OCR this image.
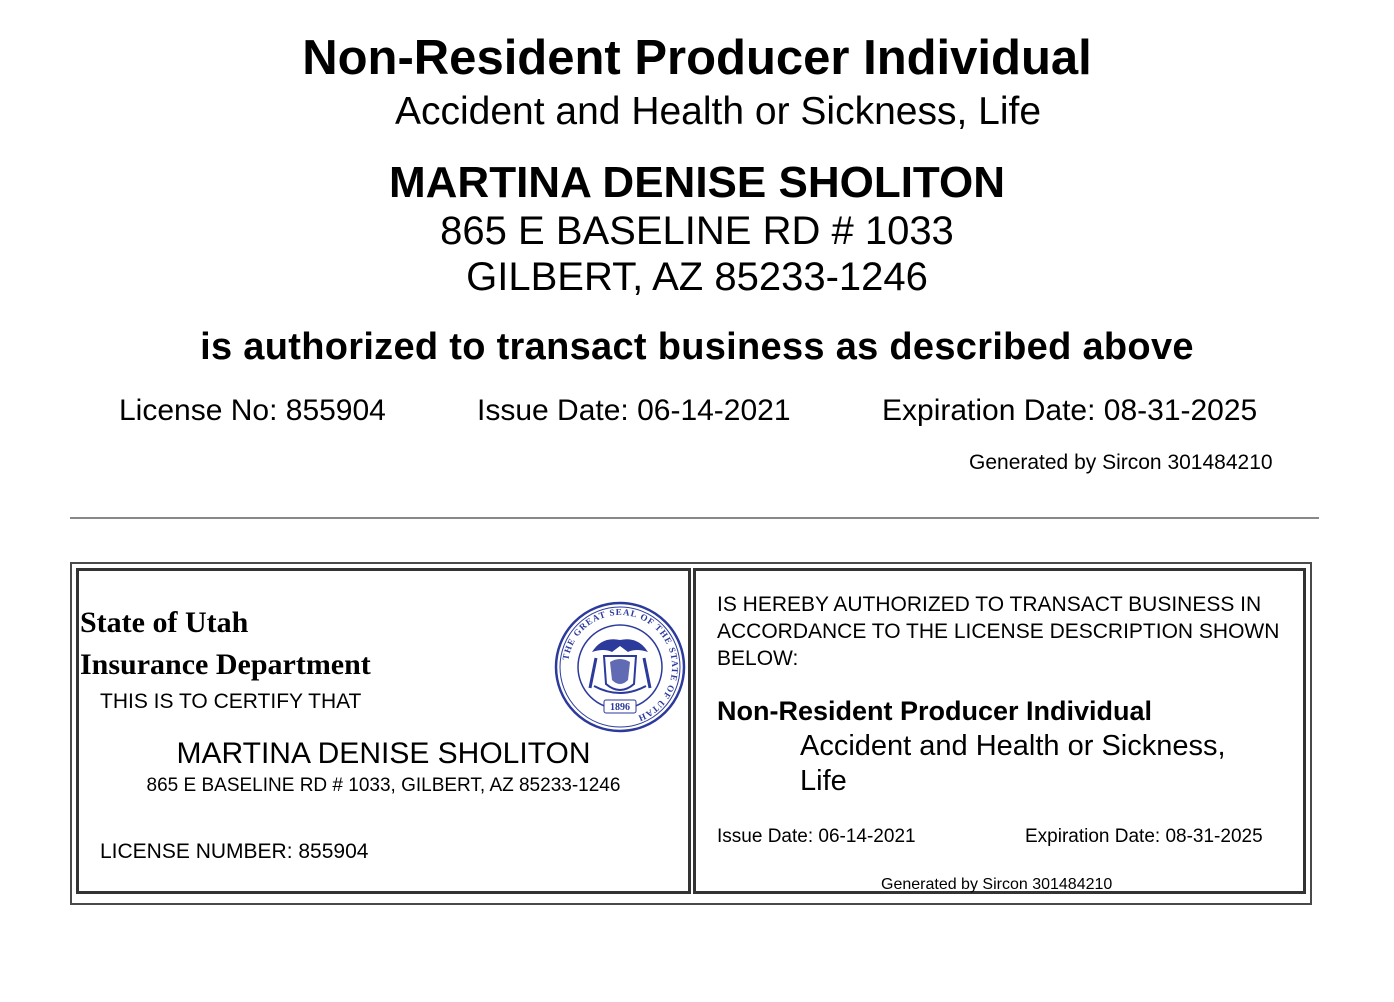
Non-Resident Producer Individual
Accident and Health or Sickness, Life
MARTINA DENISE SHOLITON
865 E BASELINE RD # 1033
GILBERT, AZ 85233-1246
is authorized to transact business as described above
License No: 855904	Issue Date: 06-14-2021	Expiration Date: 08-31-2025
Generated by Sircon 301484210
THE GREAT SEAL OF THE STATE OF UTAH
1896
State of Utah
Insurance Department
THIS IS TO CERTIFY THAT
MARTINA DENISE SHOLITON
865 E BASELINE RD # 1033, GILBERT, AZ 85233-1246
LICENSE NUMBER: 855904
IS HEREBY AUTHORIZED TO TRANSACT BUSINESS IN ACCORDANCE TO THE LICENSE DESCRIPTION SHOWN BELOW:
Non-Resident Producer Individual
Accident and Health or Sickness, Life
Issue Date: 06-14-2021	Expiration Date: 08-31-2025
Generated by Sircon 301484210
